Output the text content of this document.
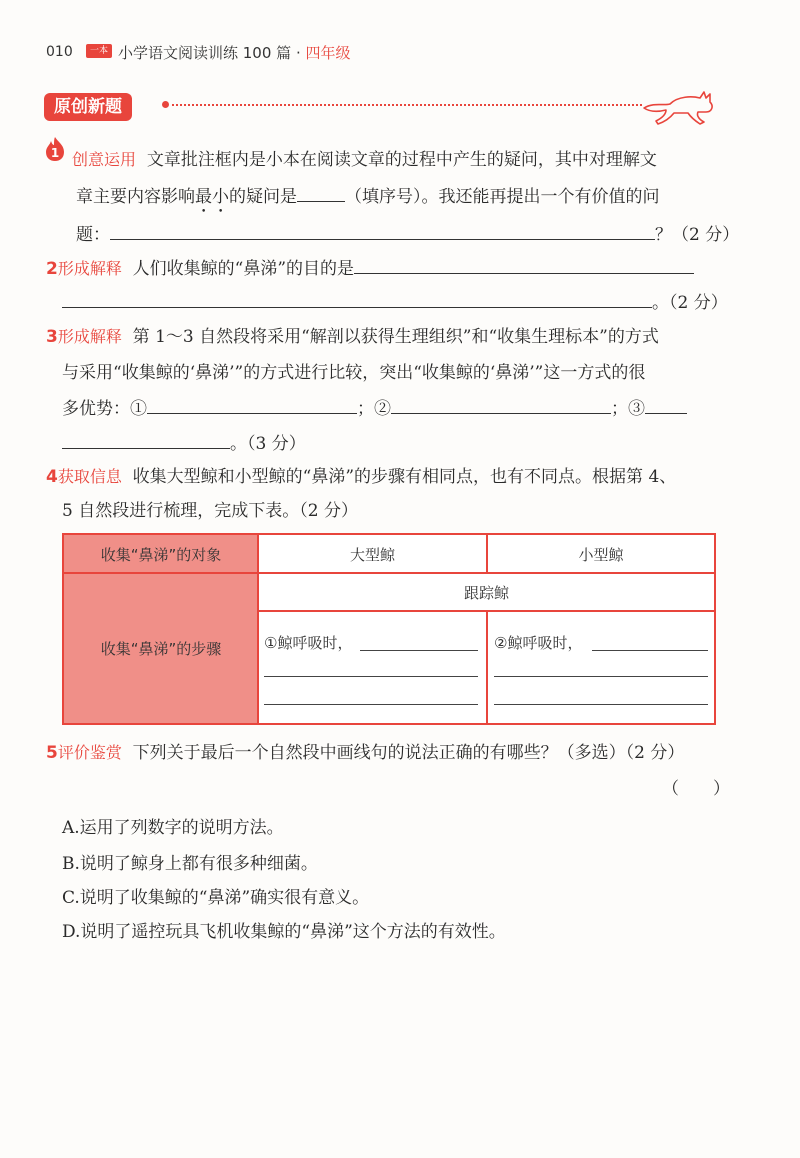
010	一本 小学语文阅读训练 100 篇 · 四年级
原创新题
1 创意运用 文章批注框内是小本在阅读文章的过程中产生的疑问，其中对理解文
章主要内容影响最小的疑问是	（填序号）。我还能再提出一个有价值的问
题：	？（2 分）
2形成解释 人们收集鲸的“鼻涕”的目的是
。（2 分）
3形成解释 第 1～3 自然段将采用“解剖以获得生理组织”和“收集生理标本”的方式
与采用“收集鲸的‘鼻涕’”的方式进行比较，突出“收集鲸的‘鼻涕’”这一方式的很
多优势：①	；②	；③
。（3 分）
4获取信息 收集大型鲸和小型鲸的“鼻涕”的步骤有相同点，也有不同点。根据第 4、
5 自然段进行梳理，完成下表。（2 分）
收集“鼻涕”的对象	大型鲸	小型鲸
跟踪鲸
收集“鼻涕”的步骤	①鲸呼吸时，	②鲸呼吸时，
5评价鉴赏 下列关于最后一个自然段中画线句的说法正确的有哪些？（多选）（2 分）
（　　）
A.运用了列数字的说明方法。
B.说明了鲸身上都有很多种细菌。
C.说明了收集鲸的“鼻涕”确实很有意义。
D.说明了遥控玩具飞机收集鲸的“鼻涕”这个方法的有效性。
